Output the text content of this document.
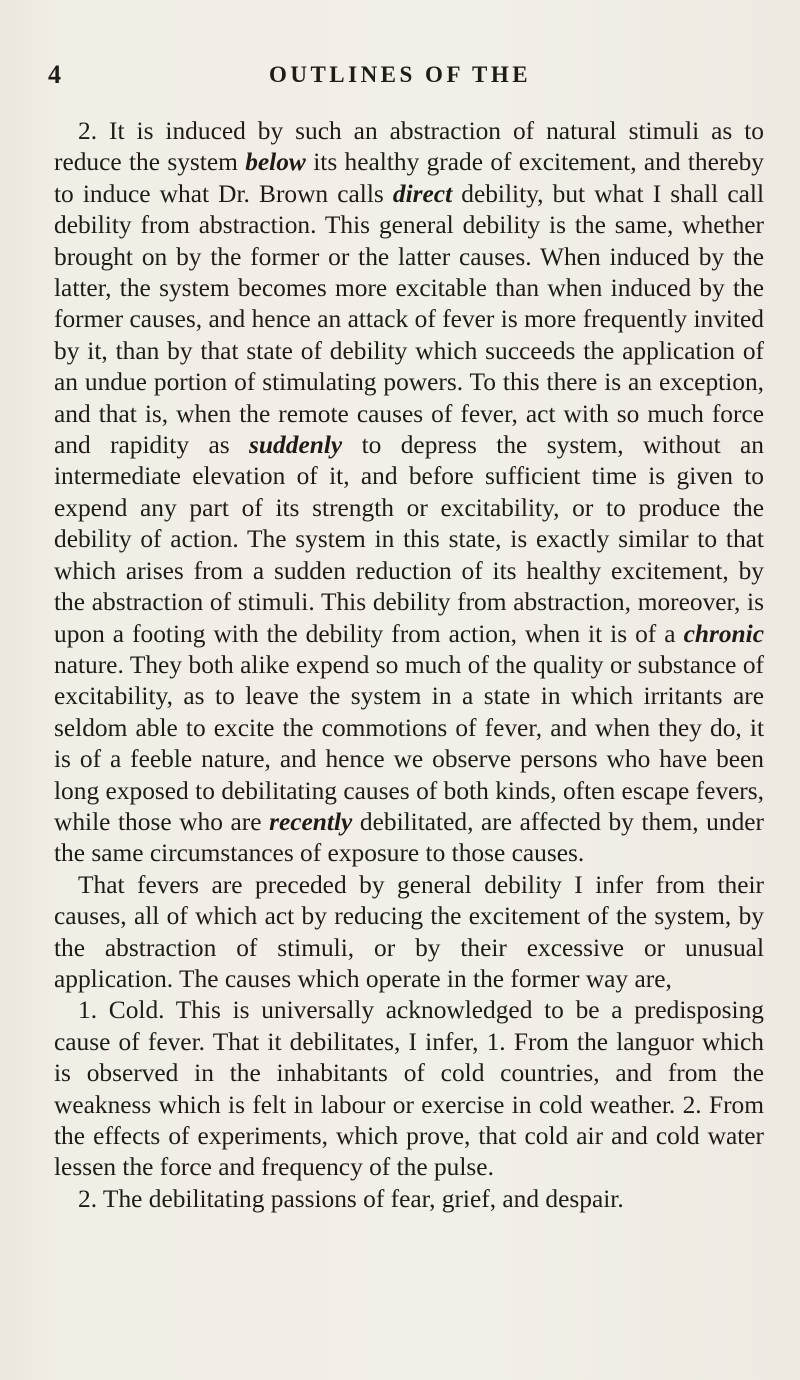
4	OUTLINES OF THE

2. It is induced by such an abstraction of natural stimuli as to reduce the system below its healthy grade of excitement, and thereby to induce what Dr. Brown calls direct debility, but what I shall call debility from abstraction. This general debility is the same, whether brought on by the former or the latter causes. When induced by the latter, the system becomes more excitable than when induced by the former causes, and hence an attack of fever is more frequently invited by it, than by that state of debility which succeeds the application of an undue portion of stimulating powers. To this there is an exception, and that is, when the remote causes of fever, act with so much force and rapidity as suddenly to depress the system, without an intermediate elevation of it, and before sufficient time is given to expend any part of its strength or excitability, or to produce the debility of action. The system in this state, is exactly similar to that which arises from a sudden reduction of its healthy excitement, by the abstraction of stimuli. This debility from abstraction, moreover, is upon a footing with the debility from action, when it is of a chronic nature. They both alike expend so much of the quality or substance of excitability, as to leave the system in a state in which irritants are seldom able to excite the commotions of fever, and when they do, it is of a feeble nature, and hence we observe persons who have been long exposed to debilitating causes of both kinds, often escape fevers, while those who are recently debilitated, are affected by them, under the same circumstances of exposure to those causes.

That fevers are preceded by general debility I infer from their causes, all of which act by reducing the excitement of the system, by the abstraction of stimuli, or by their excessive or unusual application. The causes which operate in the former way are,

1. Cold. This is universally acknowledged to be a predisposing cause of fever. That it debilitates, I infer, 1. From the languor which is observed in the inhabitants of cold countries, and from the weakness which is felt in labour or exercise in cold weather. 2. From the effects of experiments, which prove, that cold air and cold water lessen the force and frequency of the pulse.

2. The debilitating passions of fear, grief, and despair.
